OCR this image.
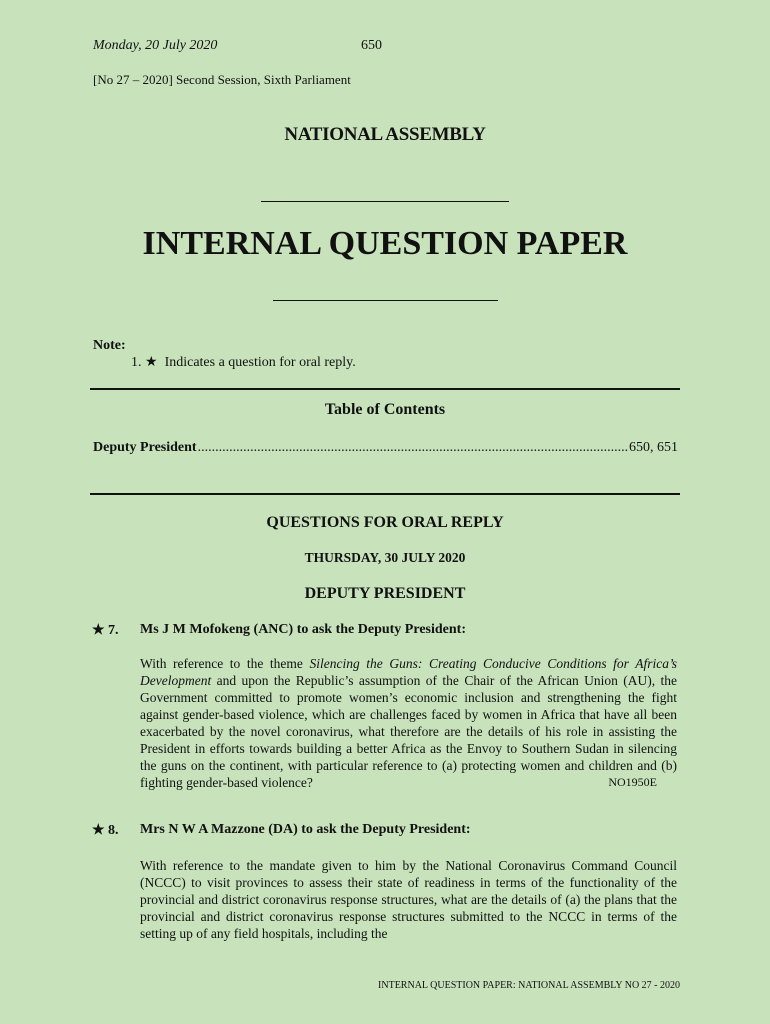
Monday, 20 July 2020	650
[No 27 – 2020] Second Session, Sixth Parliament
NATIONAL ASSEMBLY
INTERNAL QUESTION PAPER
Note:
1. ★ Indicates a question for oral reply.
Table of Contents
Deputy President
.....	650, 651
QUESTIONS FOR ORAL REPLY
THURSDAY, 30 JULY 2020
DEPUTY PRESIDENT
★ 7. Ms J M Mofokeng (ANC) to ask the Deputy President:
With reference to the theme Silencing the Guns: Creating Conducive Conditions for Africa’s Development and upon the Republic’s assumption of the Chair of the African Union (AU), the Government committed to promote women’s economic inclusion and strengthening the fight against gender-based violence, which are challenges faced by women in Africa that have all been exacerbated by the novel coronavirus, what therefore are the details of his role in assisting the President in efforts towards building a better Africa as the Envoy to Southern Sudan in silencing the guns on the continent, with particular reference to (a) protecting women and children and (b) fighting gender-based violence?	NO1950E
★ 8. Mrs N W A Mazzone (DA) to ask the Deputy President:
With reference to the mandate given to him by the National Coronavirus Command Council (NCCC) to visit provinces to assess their state of readiness in terms of the functionality of the provincial and district coronavirus response structures, what are the details of (a) the plans that the provincial and district coronavirus response structures submitted to the NCCC in terms of the setting up of any field hospitals, including the
INTERNAL QUESTION PAPER: NATIONAL ASSEMBLY NO 27 - 2020
